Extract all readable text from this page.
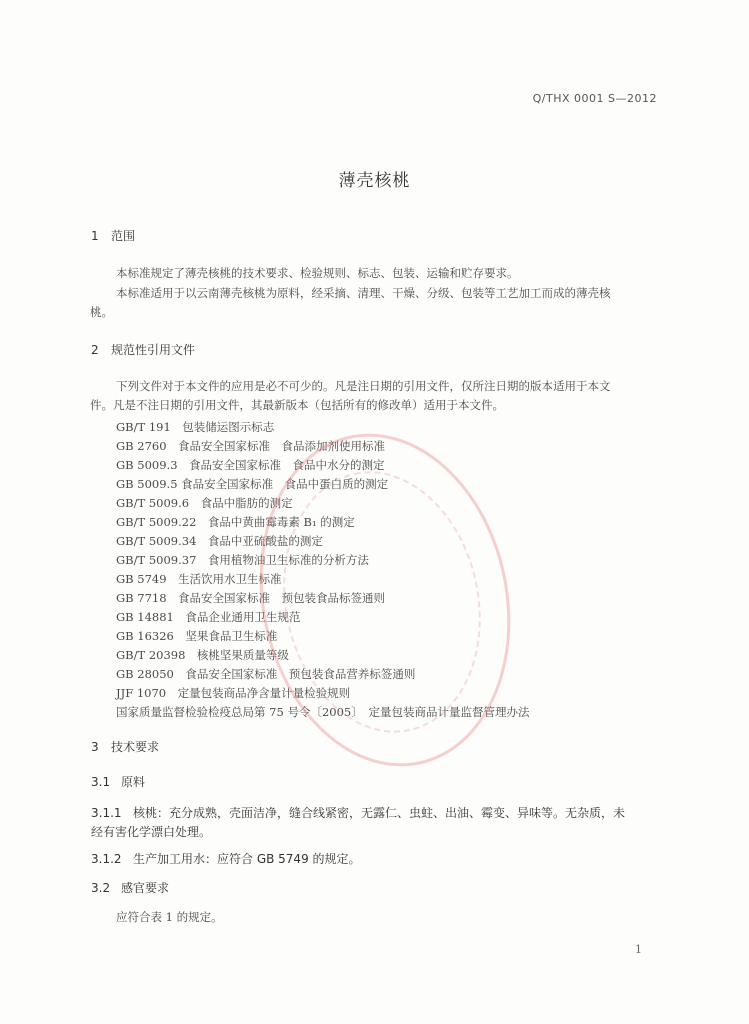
Q/THX 0001 S—2012
薄壳核桃
1 范围
本标准规定了薄壳核桃的技术要求、检验规则、标志、包装、运输和贮存要求。
本标准适用于以云南薄壳核桃为原料，经采摘、清理、干燥、分级、包装等工艺加工而成的薄壳核
桃。
2 规范性引用文件
下列文件对于本文件的应用是必不可少的。凡是注日期的引用文件，仅所注日期的版本适用于本文
件。凡是不注日期的引用文件，其最新版本（包括所有的修改单）适用于本文件。
GB/T 191　包装储运图示标志
GB 2760　食品安全国家标准　食品添加剂使用标准
GB 5009.3　食品安全国家标准　食品中水分的测定
GB 5009.5 食品安全国家标准　食品中蛋白质的测定
GB/T 5009.6　食品中脂肪的测定
GB/T 5009.22　食品中黄曲霉毒素 B₁ 的测定
GB/T 5009.34　食品中亚硫酸盐的测定
GB/T 5009.37　食用植物油卫生标准的分析方法
GB 5749　生活饮用水卫生标准
GB 7718　食品安全国家标准　预包装食品标签通则
GB 14881　食品企业通用卫生规范
GB 16326　坚果食品卫生标准
GB/T 20398　核桃坚果质量等级
GB 28050　食品安全国家标准　预包装食品营养标签通则
JJF 1070　定量包装商品净含量计量检验规则
国家质量监督检验检疫总局第 75 号令〔2005〕　定量包装商品计量监督管理办法
3 技术要求
3.1 原料
3.1.1 核桃：充分成熟，壳面洁净，缝合线紧密，无露仁、虫蛀、出油、霉变、异味等。无杂质，未
经有害化学漂白处理。
3.1.2 生产加工用水：应符合 GB 5749 的规定。
3.2 感官要求
应符合表 1 的规定。
1
